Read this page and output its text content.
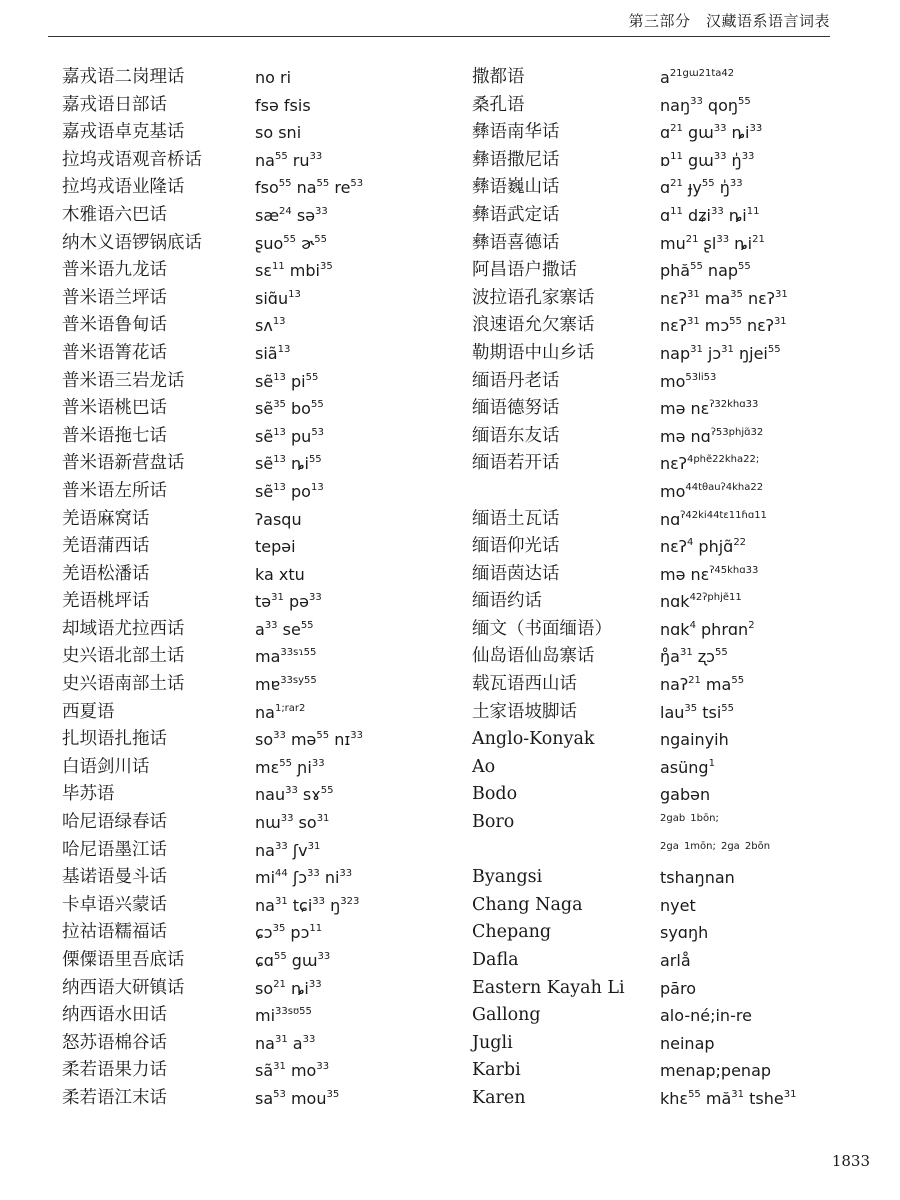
第三部分　汉藏语系语言词表
嘉戎语二岗理话
嘉戎语日部话
嘉戎语卓克基话
拉坞戎语观音桥话
拉坞戎语业隆话
木雅语六巴话
纳木义语锣锅底话
普米语九龙话
普米语兰坪话
普米语鲁甸话
普米语箐花话
普米语三岩龙话
普米语桃巴话
普米语拖七话
普米语新营盘话
普米语左所话
羌语麻窝话
羌语蒲西话
羌语松潘话
羌语桃坪话
却域语尤拉西话
史兴语北部土话
史兴语南部土话
西夏语
扎坝语扎拖话
白语剑川话
毕苏语
哈尼语绿春话
哈尼语墨江话
基诺语曼斗话
卡卓语兴蒙话
拉祜语糯福话
傈僳语里吾底话
纳西语大研镇话
纳西语水田话
怒苏语棉谷话
柔若语果力话
柔若语江末话
no ri
fsə fsis
so sni
$na^{55}$ $ru^{33}$
fso$^{55}$ $na^{55}$ $re^{53}$
$sæ^{24}$ sə$^{33}$
ʂuo$^{55}$ ɚ$^{55}$
sɛ$^{11}$ mbi$^{35}$
$siɑ̃u^{13}$
sʌ$^{13}$
siã$^{13}$
sẽ$^{13}$ $pi^{55}$
sẽ$^{35}$ $bo^{55}$
sẽ$^{13}$ $pu^{53}$
sẽ$^{13}$ $ȵi^{55}$
sẽ$^{13}$ $po^{13}$
ʔasqu
tepəi
ka xtu
tə$^{31}$ pə$^{33}$
$a^{33}$ $se^{55}$
$ma^{33sɿ55}$
mɐ$^{33sy55}$
$na^{1;rar2}$
$so^{33}$ mə$^{55}$ nɪ$^{33}$
mɛ$^{55}$ ɲi$^{33}$
nau$^{33}$ sɤ$^{55}$
nɯ$^{33}$ $so^{31}$
$na^{33}$ ʃv$^{31}$
$mi^{44}$ ʃɔ$^{33}$ $ni^{33}$
$na^{31}$ tɕi$^{33}$ $ŋ^{323}$
ɕɔ$^{35}$ pɔ$^{11}$
ɕɑ$^{55}$ gɯ$^{33}$
$so^{21}$ $ȵi^{33}$
$mi^{33sʊ55}$
$na^{31}$ $a^{33}$
$sã^{31}$ $mo^{33}$
$sa^{53}$ mou$^{35}$
撒都语
桑孔语
彝语南华话
彝语撒尼话
彝语巍山话
彝语武定话
彝语喜德话
阿昌语户撒话
波拉语孔家寨话
浪速语允欠寨话
勒期语中山乡话
缅语丹老话
缅语德努话
缅语东友话
缅语若开话
缅语土瓦话
缅语仰光话
缅语茵达话
缅语约话
缅文（书面缅语）
仙岛语仙岛寨话
载瓦语西山话
土家语坡脚话
Anglo-Konyak
Ao
Bodo
Boro
Byangsi
Chang Naga
Chepang
Dafla
Eastern Kayah Li
Gallong
Jugli
Karbi
Karen
$a^{21gɯ21ta42}$
naŋ$^{33}$ qoŋ$^{55}$
ɑ$^{21}$ gɯ$^{33}$ $ȵi^{33}$
ɒ$^{11}$ gɯ$^{33}$ ŋ̍$^{33}$
ɑ$^{21}$ ɟy$^{55}$ ŋ̍$^{33}$
ɑ$^{11}$ dʑi$^{33}$ $ȵi^{11}$
$mu^{21}$ ʂl$^{33}$ $ȵi^{21}$
phă$^{55}$ nap$^{55}$
nɛʔ$^{31}$ $ma^{35}$ nɛʔ$^{31}$
nɛʔ$^{31}$ mɔ$^{55}$ nɛʔ$^{31}$
nap$^{31}$ jɔ$^{31}$ ŋjei$^{55}$
$mo^{53li53}$
mə nɛ$^{ʔ32khɑ33}$
mə nɑ$^{ʔ53phjɑ̃32}$
nɛʔ$^{4phẽ22kha22;}$
$mo^{44t\theta auʔ4kha22}$
nɑ$^{ʔ42ki44tɛ11ɦɑ11}$
nɛʔ$^4$ phjɑ̃$^{22}$
mə nɛ$^{ʔ45khɑ33}$
nɑk$^{42ʔphjẽ11}$
nɑk$^4$ phrɑn$^2$
$ŋ̊a^{31}$ ʐɔ$^{55}$
naʔ$^{21}$ $ma^{55}$
lau$^{35}$ tsi$^{55}$
ngainyih
asüng$^1$
gabən
$^{2gab}$ $^{1bōn;}$
$^{2ga}$ $^{1mōn;}$ $^{2ga}$ $^{2bōn}$
tshaŋnan
nyet
syɑŋh
arlå
pāro
alo-né;in-re
neinap
menap;penap
khɛ$^{55}$ $mă^{31}$ tshe$^{31}$
1833
